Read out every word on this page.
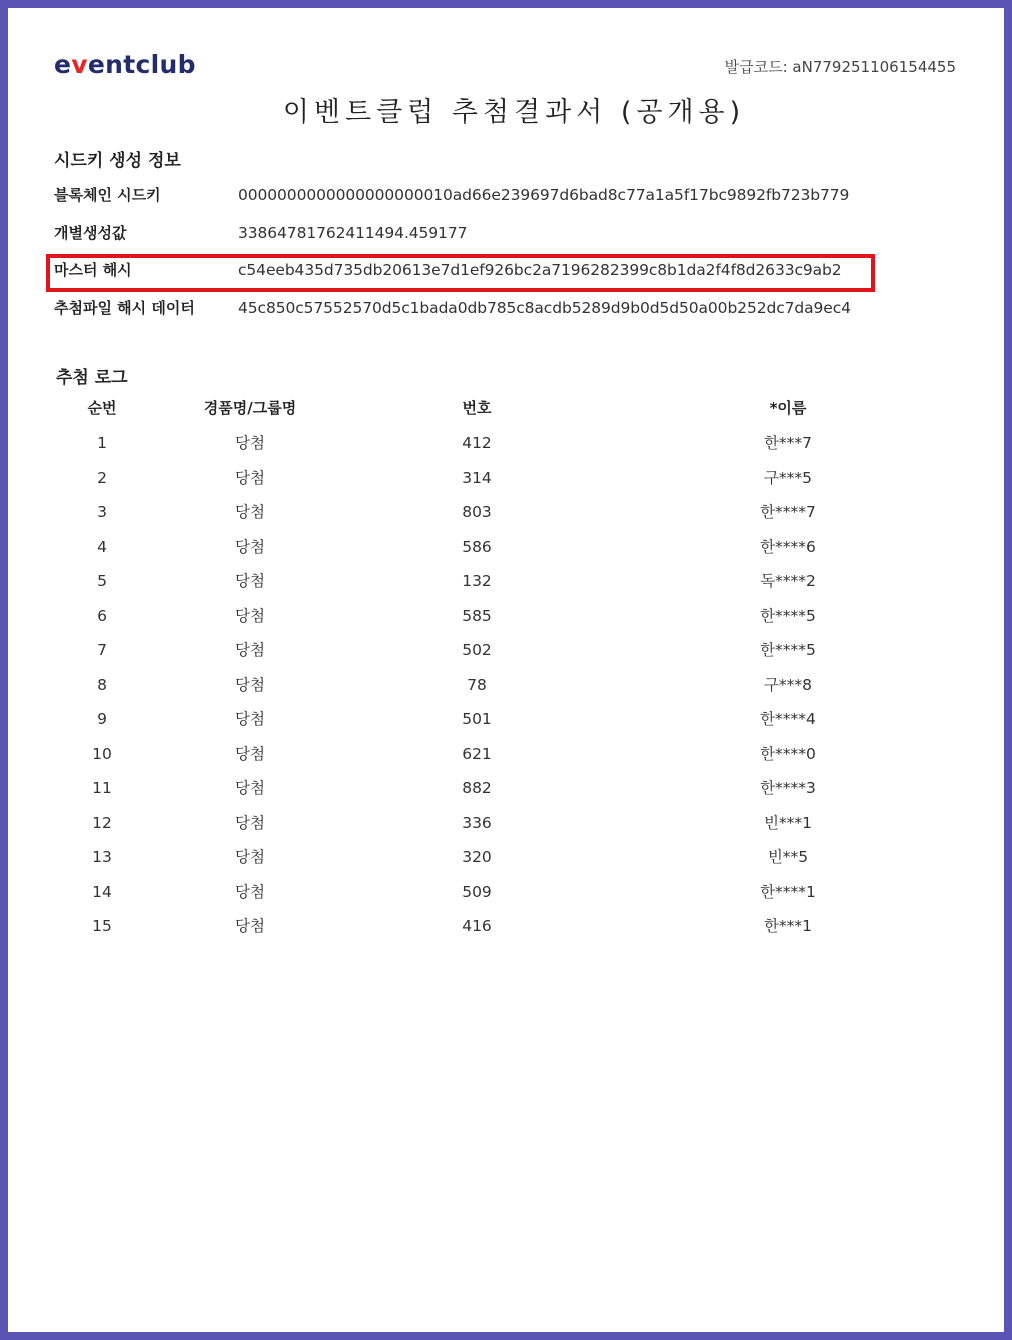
eventclub	발급코드: aN779251106154455
이벤트클럽 추첨결과서 (공개용)
시드키 생성 정보
블록체인 시드키	0000000000000000000010ad66e239697d6bad8c77a1a5f17bc9892fb723b779
개별생성값	33864781762411494.459177
마스터 해시	c54eeb435d735db20613e7d1ef926bc2a7196282399c8b1da2f4f8d2633c9ab2
추첨파일 해시 데이터	45c850c57552570d5c1bada0db785c8acdb5289d9b0d5d50a00b252dc7da9ec4
추첨 로그
순번	경품명/그룹명	번호	*이름
1	당첨	412	한***7
2	당첨	314	구***5
3	당첨	803	한****7
4	당첨	586	한****6
5	당첨	132	독****2
6	당첨	585	한****5
7	당첨	502	한****5
8	당첨	78	구***8
9	당첨	501	한****4
10	당첨	621	한****0
11	당첨	882	한****3
12	당첨	336	빈***1
13	당첨	320	빈**5
14	당첨	509	한****1
15	당첨	416	한***1
